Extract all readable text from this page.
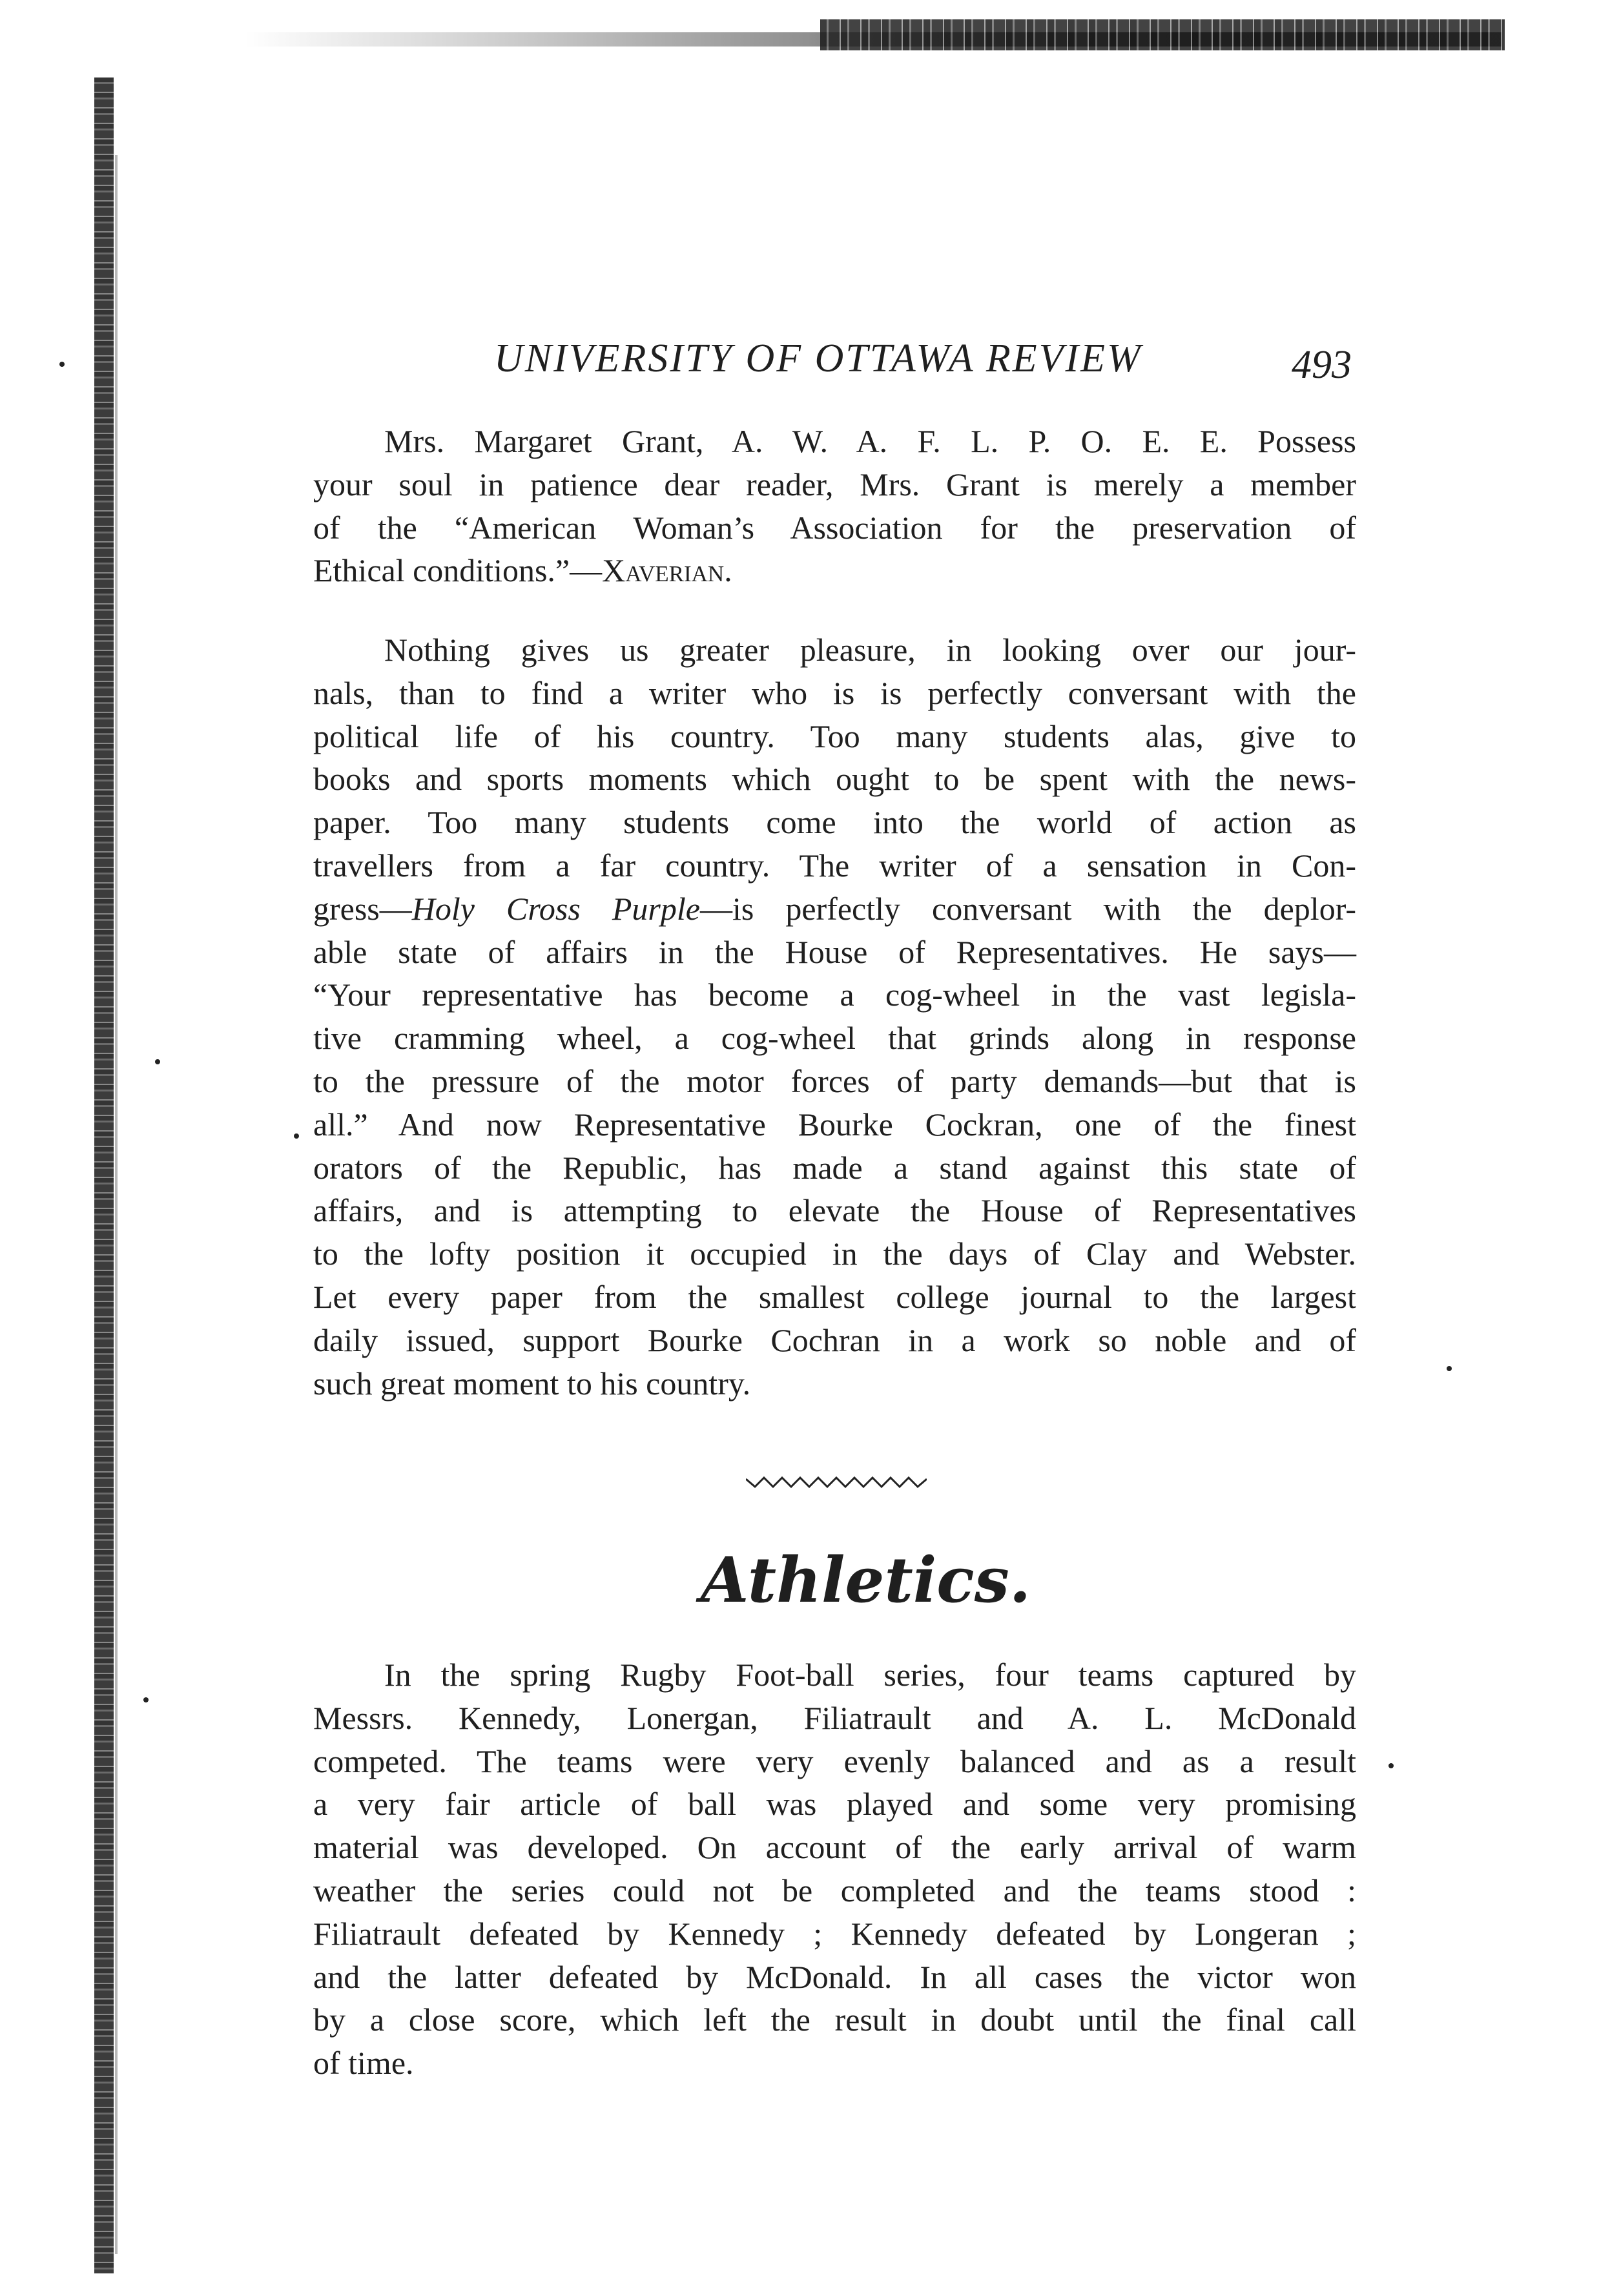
UNIVERSITY OF OTTAWA REVIEW	493
Mrs. Margaret Grant, A. W. A. F. L. P. O. E. E. Possess
your soul in patience dear reader, Mrs. Grant is merely a member
of the “American Woman’s Association for the preservation of
Ethical conditions.”—Xaverian.
Nothing gives us greater pleasure, in looking over our jour-
nals, than to find a writer who is is perfectly conversant with the
political life of his country. Too many students alas, give to
books and sports moments which ought to be spent with the news-
paper. Too many students come into the world of action as
travellers from a far country. The writer of a sensation in Con-
gress—Holy Cross Purple—is perfectly conversant with the deplor-
able state of affairs in the House of Representatives. He says—
“Your representative has become a cog-wheel in the vast legisla-
tive cramming wheel, a cog-wheel that grinds along in response
to the pressure of the motor forces of party demands—but that is
all.” And now Representative Bourke Cockran, one of the finest
orators of the Republic, has made a stand against this state of
affairs, and is attempting to elevate the House of Representatives
to the lofty position it occupied in the days of Clay and Webster.
Let every paper from the smallest college journal to the largest
daily issued, support Bourke Cochran in a work so noble and of
such great moment to his country.
Athletics.
In the spring Rugby Foot-ball series, four teams captured by
Messrs. Kennedy, Lonergan, Filiatrault and A. L. McDonald
competed. The teams were very evenly balanced and as a result
a very fair article of ball was played and some very promising
material was developed. On account of the early arrival of warm
weather the series could not be completed and the teams stood :
Filiatrault defeated by Kennedy ; Kennedy defeated by Longeran ;
and the latter defeated by McDonald. In all cases the victor won
by a close score, which left the result in doubt until the final call
of time.
